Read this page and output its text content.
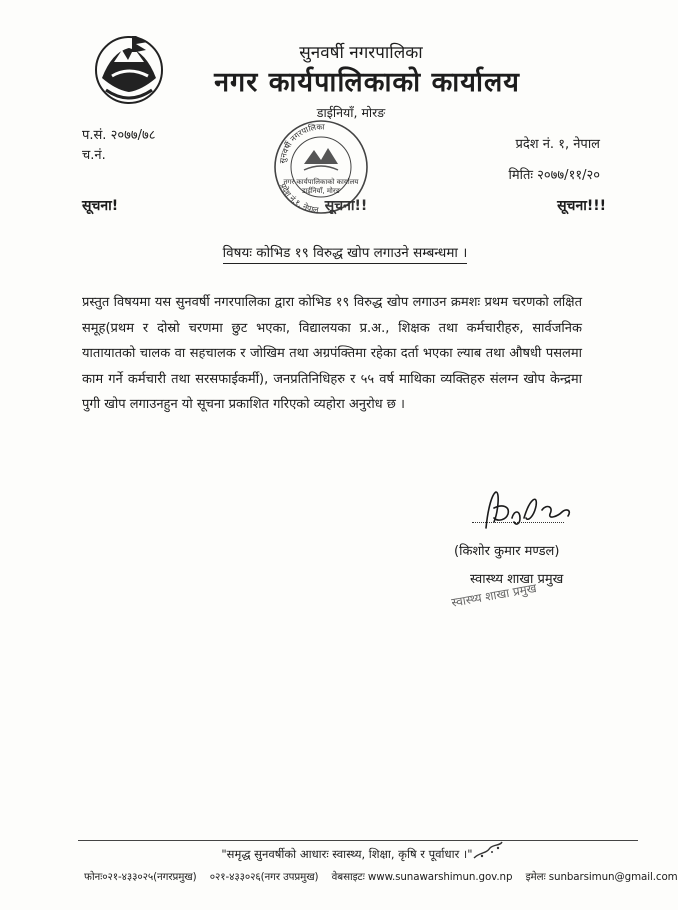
सुनवर्षी नगरपालिका
नगर कार्यपालिकाको कार्यालय
डाईनियाँ, मोरङ
प.सं. २०७७/७८
च.नं.
प्रदेश नं. १, नेपाल
मितिः २०७७/११/२०
सुनवर्षी नगरपालिका
प्रदेश नं.१, नेपाल
नगर कार्यपालिकाको कार्यालय
डाईनियाँ, मोरङ
सूचना!	सूचना!!	सूचना!!!
विषयः कोभिड १९ विरुद्ध खोप लगाउने सम्बन्धमा ।
प्रस्तुत विषयमा यस सुनवर्षी नगरपालिका द्वारा कोभिड १९ विरुद्ध खोप लगाउन क्रमशः प्रथम चरणको लक्षित समूह(प्रथम र दोस्रो चरणमा छुट भएका, विद्यालयका प्र.अ., शिक्षक तथा कर्मचारीहरु, सार्वजनिक यातायातको चालक वा सहचालक र जोखिम तथा अग्रपंक्तिमा रहेका दर्ता भएका ल्याब तथा औषधी पसलमा काम गर्ने कर्मचारी तथा सरसफाईकर्मी), जनप्रतिनिधिहरु र ५५ वर्ष माथिका व्यक्तिहरु संलग्न खोप केन्द्रमा पुगी खोप लगाउनहुन यो सूचना प्रकाशित गरिएको व्यहोरा अनुरोध छ ।
(किशोर कुमार मण्डल)
स्वास्थ्य शाखा प्रमुख
स्वास्थ्य शाखा प्रमुख
"समृद्ध सुनवर्षीको आधारः स्वास्थ्य, शिक्षा, कृषि र पूर्वाधार ।"
फोनः०२१-४३३०२५(नगरप्रमुख) ०२१-४३३०२६(नगर उपप्रमुख) वेबसाइटः www.sunawarshimun.gov.np इमेलः sunbarsimun@gmail.com
